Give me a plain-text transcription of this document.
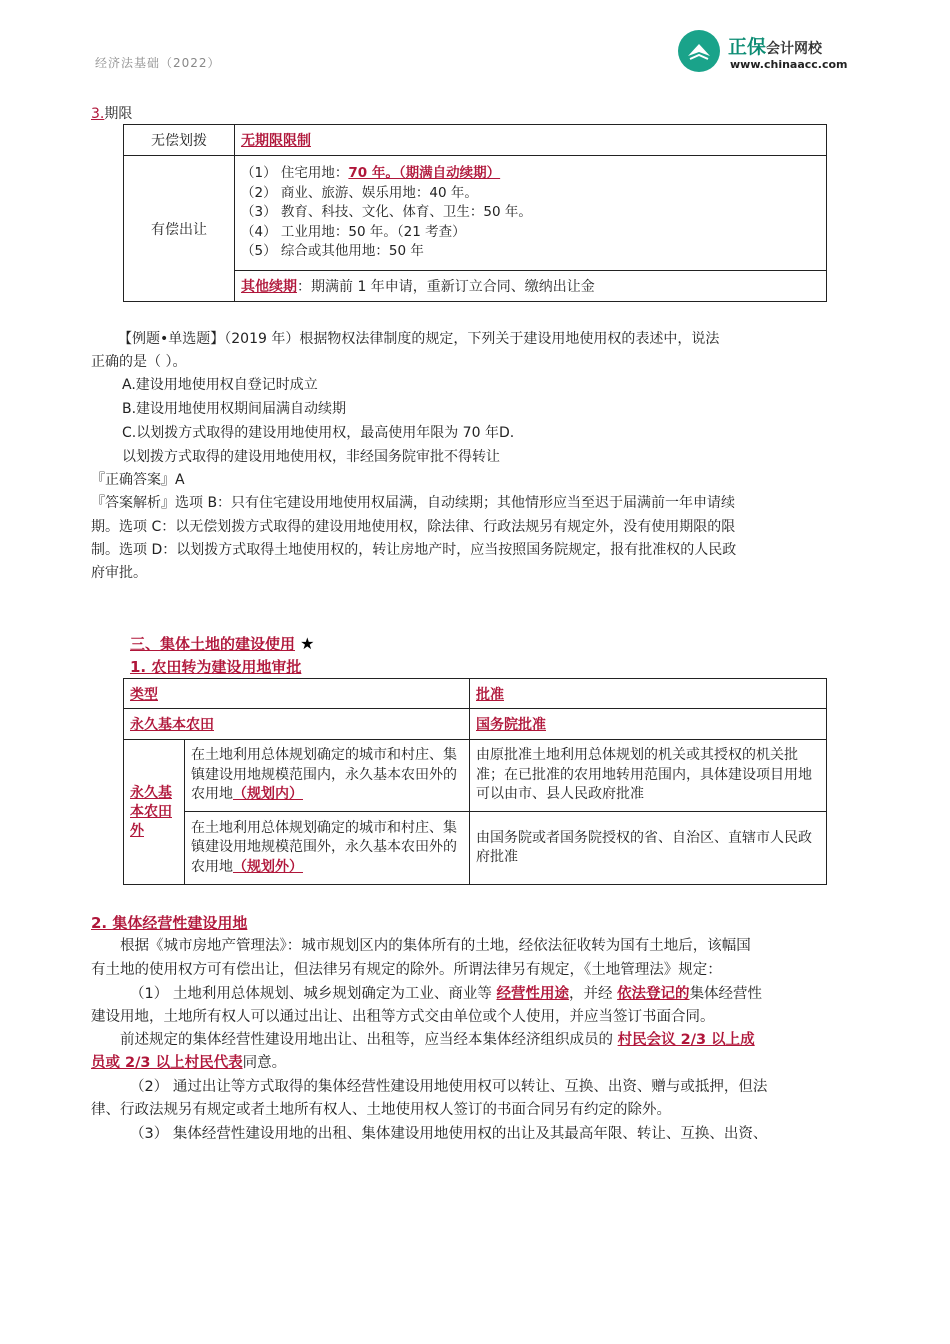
经济法基础（2022）
正保会计网校
www.chinaacc.com
3.期限
无偿划拨	无期限限制
有偿出让	（1） 住宅用地：70 年。（期满自动续期）
（2） 商业、旅游、娱乐用地：40 年。
（3） 教育、科技、文化、体育、卫生：50 年。
（4） 工业用地：50 年。（21 考查）
（5） 综合或其他用地：50 年

	其他续期：期满前 1 年申请，重新订立合同、缴纳出让金
【例题•单选题】（2019 年）根据物权法律制度的规定，下列关于建设用地使用权的表述中，说法
正确的是（ ）。
A.建设用地使用权自登记时成立
B.建设用地使用权期间届满自动续期
C.以划拨方式取得的建设用地使用权，最高使用年限为 70 年D.
以划拨方式取得的建设用地使用权，非经国务院审批不得转让
『正确答案』A
『答案解析』选项 B：只有住宅建设用地使用权届满，自动续期；其他情形应当至迟于届满前一年申请续
期。选项 C：以无偿划拨方式取得的建设用地使用权，除法律、行政法规另有规定外，没有使用期限的限
制。选项 D：以划拨方式取得土地使用权的，转让房地产时，应当按照国务院规定，报有批准权的人民政
府审批。
三、集体土地的建设使用 ★
1. 农田转为建设用地审批
类型		批准
永久基本农田		国务院批准
永久基本农田外	在土地利用总体规划确定的城市和村庄、集镇建设用地规模范围内，永久基本农田外的农用地（规划内）	由原批准土地利用总体规划的机关或其授权的机关批准；在已批准的农用地转用范围内，具体建设项目用地可以由市、县人民政府批准
	在土地利用总体规划确定的城市和村庄、集镇建设用地规模范围外，永久基本农田外的农用地（规划外）	由国务院或者国务院授权的省、自治区、直辖市人民政府批准
2. 集体经营性建设用地
根据《城市房地产管理法》：城市规划区内的集体所有的土地，经依法征收转为国有土地后，该幅国
有土地的使用权方可有偿出让，但法律另有规定的除外。所谓法律另有规定，《土地管理法》规定：
（1） 土地利用总体规划、城乡规划确定为工业、商业等 经营性用途，并经 依法登记的集体经营性
建设用地，土地所有权人可以通过出让、出租等方式交由单位或个人使用，并应当签订书面合同。
前述规定的集体经营性建设用地出让、出租等，应当经本集体经济组织成员的 村民会议 2/3 以上成
员或 2/3 以上村民代表同意。
（2） 通过出让等方式取得的集体经营性建设用地使用权可以转让、互换、出资、赠与或抵押，但法
律、行政法规另有规定或者土地所有权人、土地使用权人签订的书面合同另有约定的除外。
（3） 集体经营性建设用地的出租、集体建设用地使用权的出让及其最高年限、转让、互换、出资、
